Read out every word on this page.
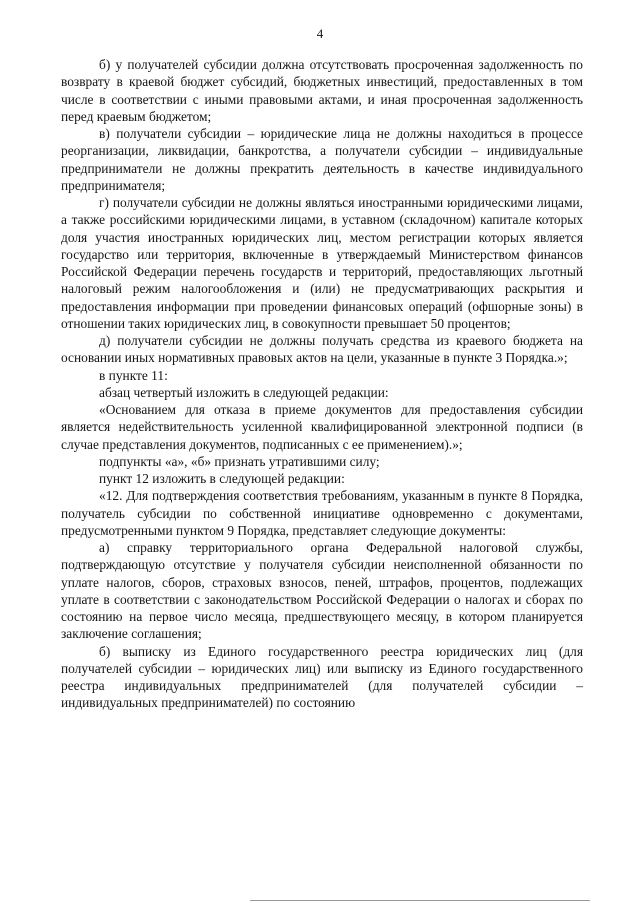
4

б) у получателей субсидии должна отсутствовать просроченная задолженность по возврату в краевой бюджет субсидий, бюджетных инвестиций, предоставленных в том числе в соответствии с иными правовыми актами, и иная просроченная задолженность перед краевым бюджетом;

в) получатели субсидии – юридические лица не должны находиться в процессе реорганизации, ликвидации, банкротства, а получатели субсидии – индивидуальные предприниматели не должны прекратить деятельность в качестве индивидуального предпринимателя;

г) получатели субсидии не должны являться иностранными юридическими лицами, а также российскими юридическими лицами, в уставном (складочном) капитале которых доля участия иностранных юридических лиц, местом регистрации которых является государство или территория, включенные в утверждаемый Министерством финансов Российской Федерации перечень государств и территорий, предоставляющих льготный налоговый режим налогообложения и (или) не предусматривающих раскрытия и предоставления информации при проведении финансовых операций (офшорные зоны) в отношении таких юридических лиц, в совокупности превышает 50 процентов;

д) получатели субсидии не должны получать средства из краевого бюджета на основании иных нормативных правовых актов на цели, указанные в пункте 3 Порядка.»;

в пункте 11:

абзац четвертый изложить в следующей редакции:

«Основанием для отказа в приеме документов для предоставления субсидии является недействительность усиленной квалифицированной электронной подписи (в случае представления документов, подписанных с ее применением).»;

подпункты «а», «б» признать утратившими силу;

пункт 12 изложить в следующей редакции:

«12. Для подтверждения соответствия требованиям, указанным в пункте 8 Порядка, получатель субсидии по собственной инициативе одновременно с документами, предусмотренными пунктом 9 Порядка, представляет следующие документы:

а) справку территориального органа Федеральной налоговой службы, подтверждающую отсутствие у получателя субсидии неисполненной обязанности по уплате налогов, сборов, страховых взносов, пеней, штрафов, процентов, подлежащих уплате в соответствии с законодательством Российской Федерации о налогах и сборах по состоянию на первое число месяца, предшествующего месяцу, в котором планируется заключение соглашения;

б) выписку из Единого государственного реестра юридических лиц (для получателей субсидии – юридических лиц) или выписку из Единого государственного реестра индивидуальных предпринимателей (для получателей субсидии – индивидуальных предпринимателей) по состоянию
